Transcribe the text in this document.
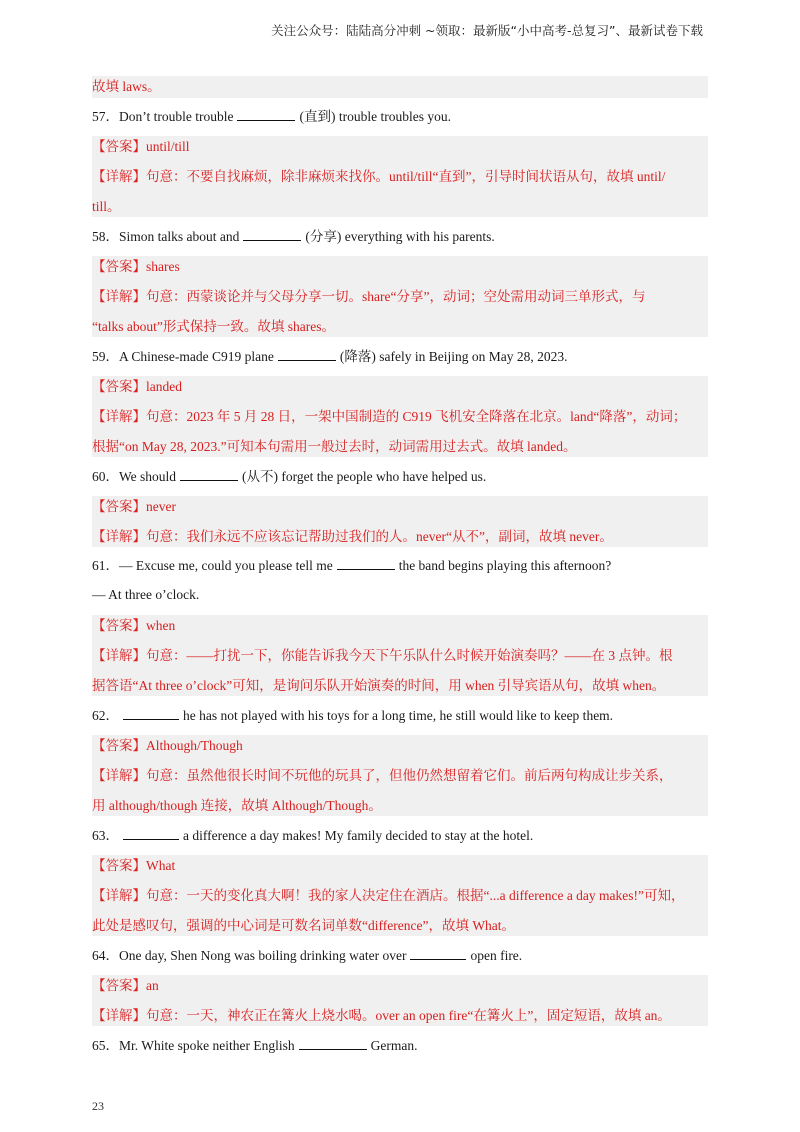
关注公众号：陆陆高分冲刺 ~领取：最新版“小中高考-总复习”、最新试卷下载
故填 laws。
57．Don’t trouble trouble	(直到) trouble troubles you.
【答案】until/till
【详解】句意：不要自找麻烦，除非麻烦来找你。until/till“直到”，引导时间状语从句，故填 until/
till。
58．Simon talks about and	(分享) everything with his parents.
【答案】shares
【详解】句意：西蒙谈论并与父母分享一切。share“分享”，动词；空处需用动词三单形式，与
“talks about”形式保持一致。故填 shares。
59．A Chinese-made C919 plane	(降落) safely in Beijing on May 28, 2023.
【答案】landed
【详解】句意：2023 年 5 月 28 日，一架中国制造的 C919 飞机安全降落在北京。land“降落”，动词；
根据“on May 28, 2023.”可知本句需用一般过去时，动词需用过去式。故填 landed。
60．We should	(从不) forget the people who have helped us.
【答案】never
【详解】句意：我们永远不应该忘记帮助过我们的人。never“从不”，副词，故填 never。
61．— Excuse me, could you please tell me	the band begins playing this afternoon?
— At three o’clock.
【答案】when
【详解】句意：——打扰一下，你能告诉我今天下午乐队什么时候开始演奏吗？——在 3 点钟。根
据答语“At three o’clock”可知，是询问乐队开始演奏的时间，用 when 引导宾语从句，故填 when。
62．	he has not played with his toys for a long time, he still would like to keep them.
【答案】Although/Though
【详解】句意：虽然他很长时间不玩他的玩具了，但他仍然想留着它们。前后两句构成让步关系，
用 although/though 连接，故填 Although/Though。
63．	a difference a day makes! My family decided to stay at the hotel.
【答案】What
【详解】句意：一天的变化真大啊！我的家人决定住在酒店。根据“...a difference a day makes!”可知，
此处是感叹句，强调的中心词是可数名词单数“difference”，故填 What。
64．One day, Shen Nong was boiling drinking water over	open fire.
【答案】an
【详解】句意：一天，神农正在篝火上烧水喝。over an open fire“在篝火上”，固定短语，故填 an。
65．Mr. White spoke neither English	German.
23
